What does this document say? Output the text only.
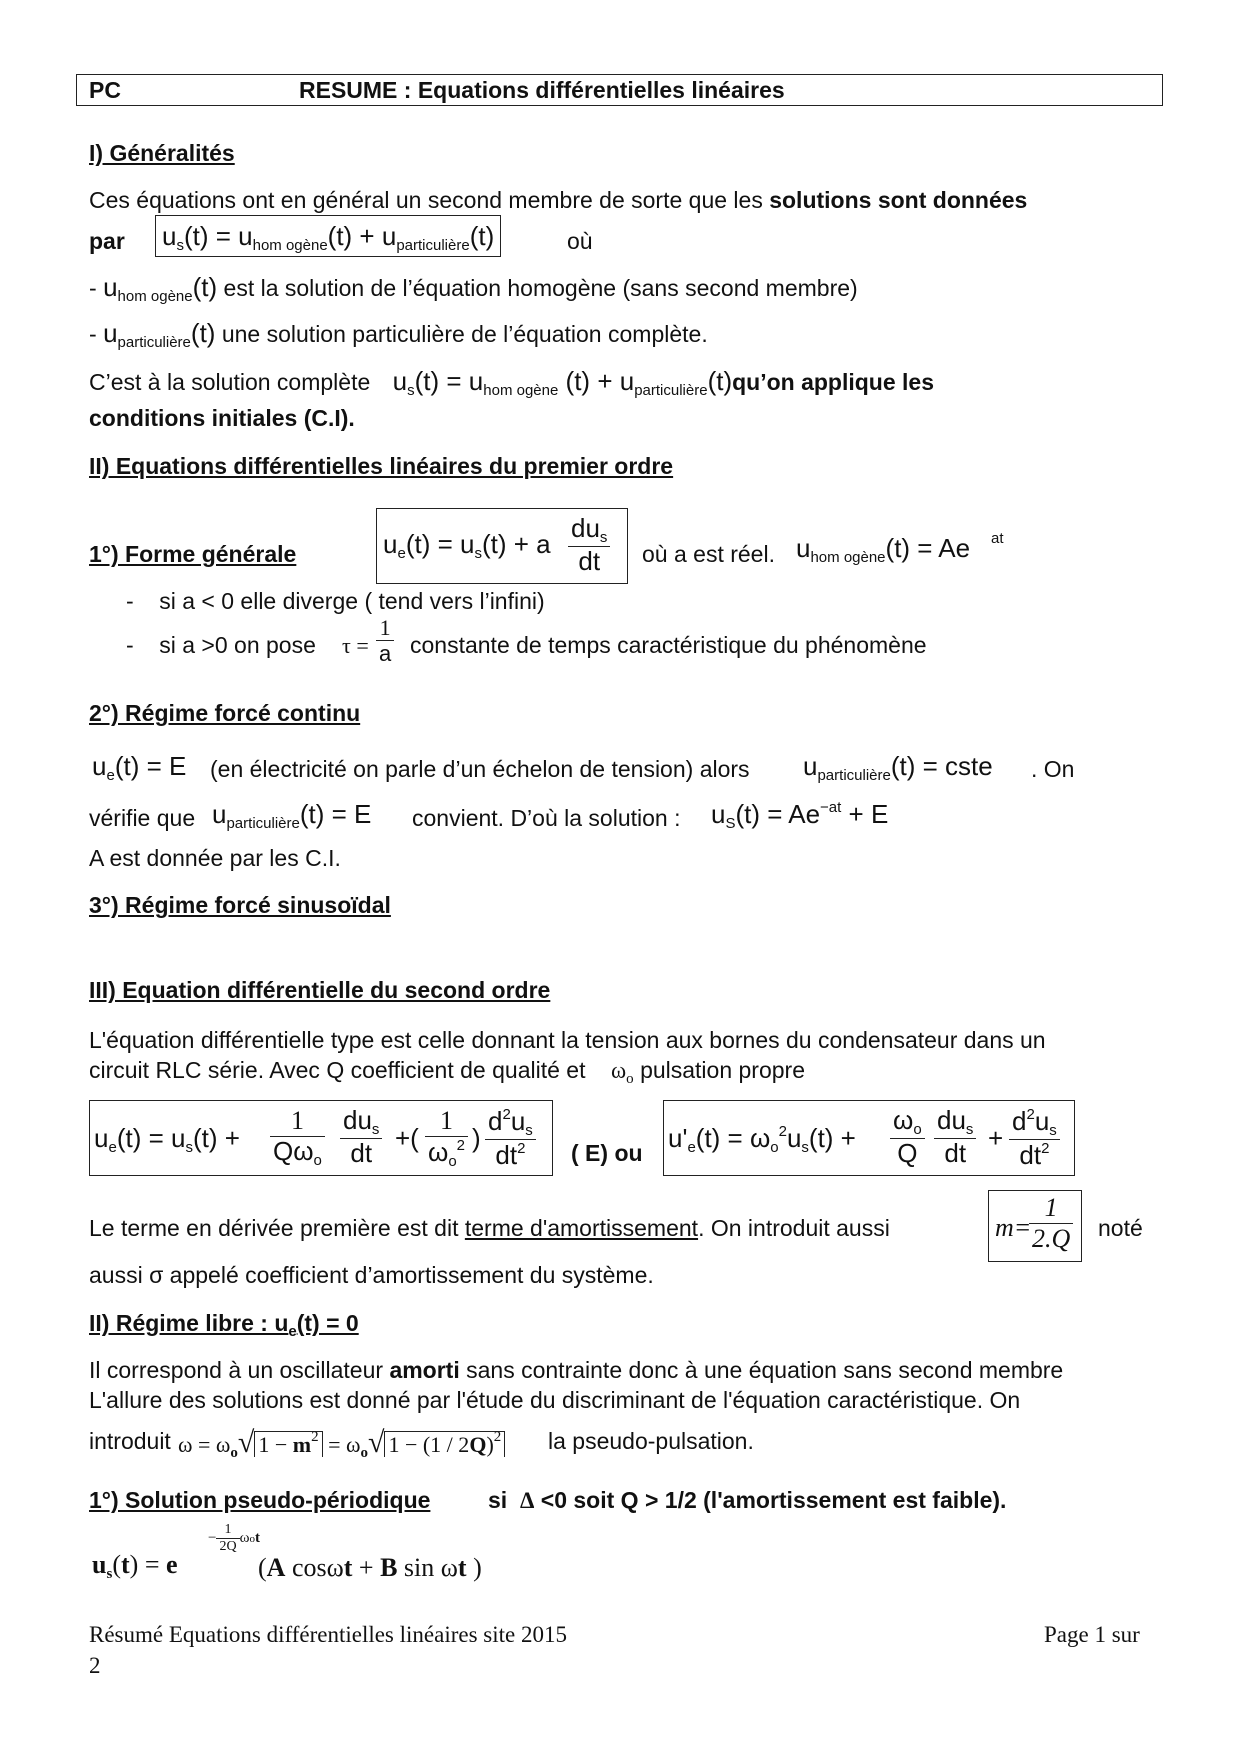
PC	RESUME : Equations différentielles linéaires
I) Généralités
Ces équations ont en général un second membre de sorte que les solutions sont données
par $u_s(t) = u_{hom ogène}(t) + u_{particulière}(t)$	où
- $u_{hom ogène}(t)$ est la solution de l’équation homogène (sans second membre)
- $u_{particulière}(t)$ une solution particulière de l’équation complète.
C’est à la solution complète $u_s(t) = u_{hom ogène}$ $(t) + u_{particulière}(t)qu’on$ applique les
conditions initiales (C.I).
II) Equations différentielles linéaires du premier ordre
1°) Forme générale	$u_e(t) = u_s(t) + a$
$du_s$
dt	où a est réel. $u_{hom ogène}(t) = Ae$ at
-    si a < 0 elle diverge ( tend vers l’infini)
-    si a >0 on pose $\tau = \frac{1}{a}$ constante de temps caractéristique du phénomène
2°) Régime forcé continu
$u_e(t) = E$ (en électricité on parle d’un échelon de tension) alors $u_{particulière}(t)$ = cste . On
vérifie que $u_{particulière}(t) = E$ convient. D’où la solution : $u_S(t) = Ae^{-at} + E$
A est donnée par les C.I.
3°) Régime forcé sinusoïdal
III) Equation différentielle du second ordre
L'équation différentielle type est celle donnant la tension aux bornes du condensateur dans un
circuit RLC série. Avec Q coefficient de qualité et $\omega_o$ pulsation propre
$u_e(t) = u_s(t)$ +
1
$Q\omega_o$
$du_s$
dt
+( $\frac{1}{\omega_o^2}$ ) $\frac{d^2u_s}{dt^2}$ ( E) ou $u'_e(t) = \omega_o^2u_s(t) + \frac{\omega_o}{Q} du_s$
dt
+ $\frac{d^2u_s}{dt^2}$
Le terme en dérivée première est dit terme d'amortissement. On introduit aussi	m=
$\frac{1}{2.Q}$ noté
aussi σ appelé coefficient d’amortissement du système.
II) Régime libre : $u_e(t) = 0$
Il correspond à un oscillateur amorti sans contrainte donc à une équation sans second membre
L'allure des solutions est donné par l'étude du discriminant de l'équation caractéristique. On
introduit $\omega = \omega_o√$ $1 - m^2 = \omega_o√$ 1 − (1 / 2Q)$^2$ la pseudo-pulsation.
1°) Solution pseudo-périodique	si Δ <0 soit Q > 1/2 (l'amortissement est faible).
$u_s(t) = e$
− $\frac{1}{2Q}$ ωot
(A cosωt + B sin ωt )
Résumé Equations différentielles linéaires site 2015	Page 1 sur
2
